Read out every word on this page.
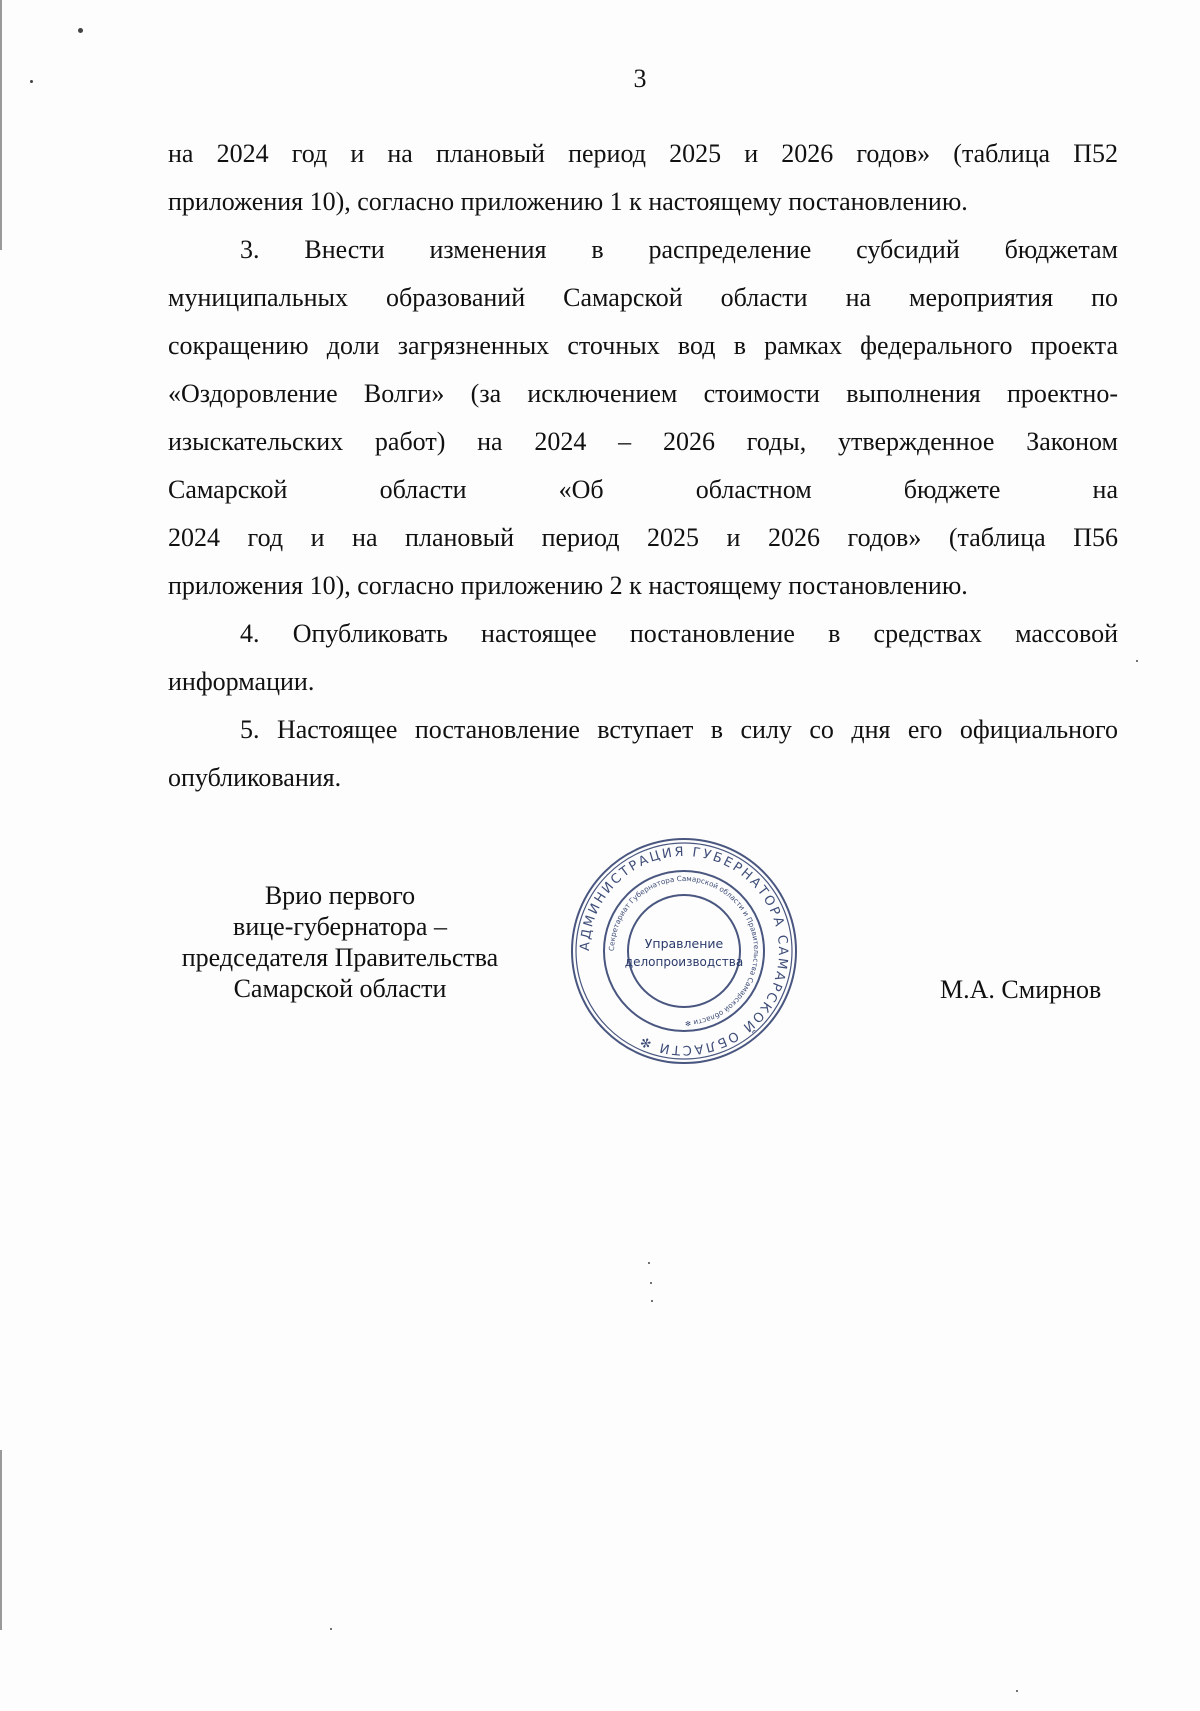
3
на 2024 год и на плановый период 2025 и 2026 годов» (таблица П52
приложения 10), согласно приложению 1 к настоящему постановлению.
3. Внести изменения в распределение субсидий бюджетам
муниципальных образований Самарской области на мероприятия по
сокращению доли загрязненных сточных вод в рамках федерального проекта
«Оздоровление Волги» (за исключением стоимости выполнения проектно-
изыскательских работ) на 2024 – 2026 годы, утвержденное Законом
Самарской области «Об областном бюджете на
2024 год и на плановый период 2025 и 2026 годов» (таблица П56
приложения 10), согласно приложению 2 к настоящему постановлению.
4. Опубликовать настоящее постановление в средствах массовой
информации.
5. Настоящее постановление вступает в силу со дня его официального
опубликования.
Врио первого
вице-губернатора –
председателя Правительства
Самарской области
АДМИНИСТРАЦИЯ ГУБЕРНАТОРА САМАРСКОЙ ОБЛАСТИ ✻
Секретариат Губернатора Самарской области и Правительства Самарской области ✻
Управление
делопроизводства
М.А. Смирнов
